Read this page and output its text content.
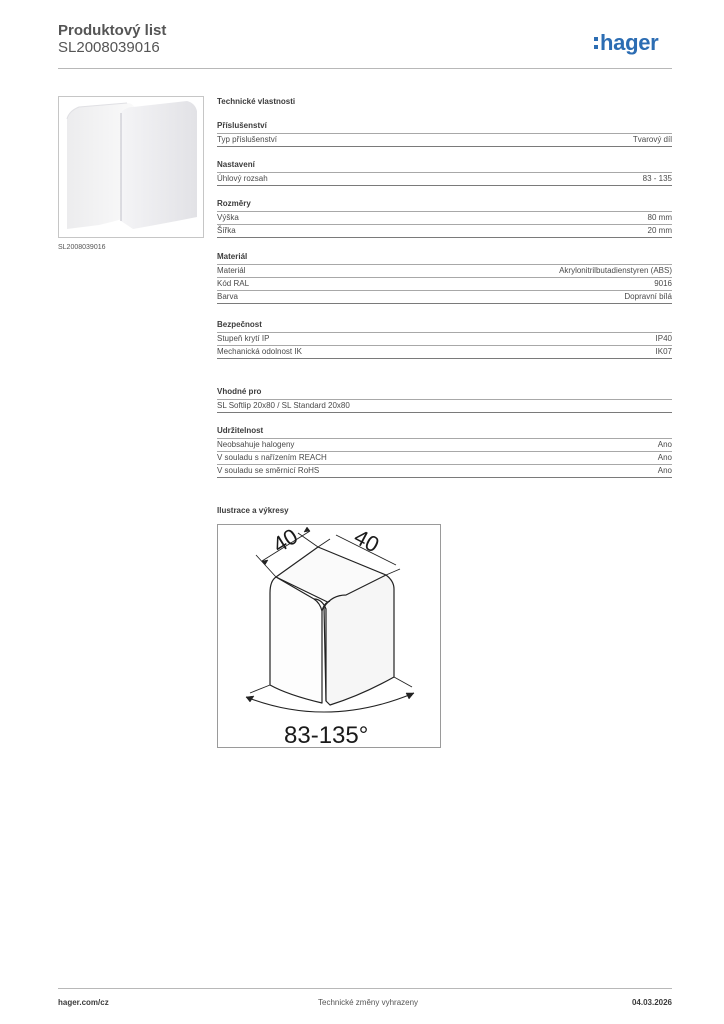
Produktový list
SL2008039016	hager
SL2008039016
Technické vlastnosti
Příslušenství
Typ příslušenství	Tvarový díl
Nastavení
Úhlový rozsah	83 - 135
Rozměry
Výška	80 mm
Šířka	20 mm
Materiál
Materiál	Akrylonitrilbutadienstyren (ABS)
Kód RAL	9016
Barva	Dopravní bílá
Bezpečnost
Stupeň krytí IP	IP40
Mechanická odolnost IK	IK07
Vhodné pro
SL Softlip 20x80 / SL Standard 20x80
Udržitelnost
Neobsahuje halogeny	Ano
V souladu s nařízením REACH	Ano
V souladu se směrnicí RoHS	Ano
Ilustrace a výkresy
40 40
83-135°
hager.com/cz	Technické změny vyhrazeny	04.03.2026
